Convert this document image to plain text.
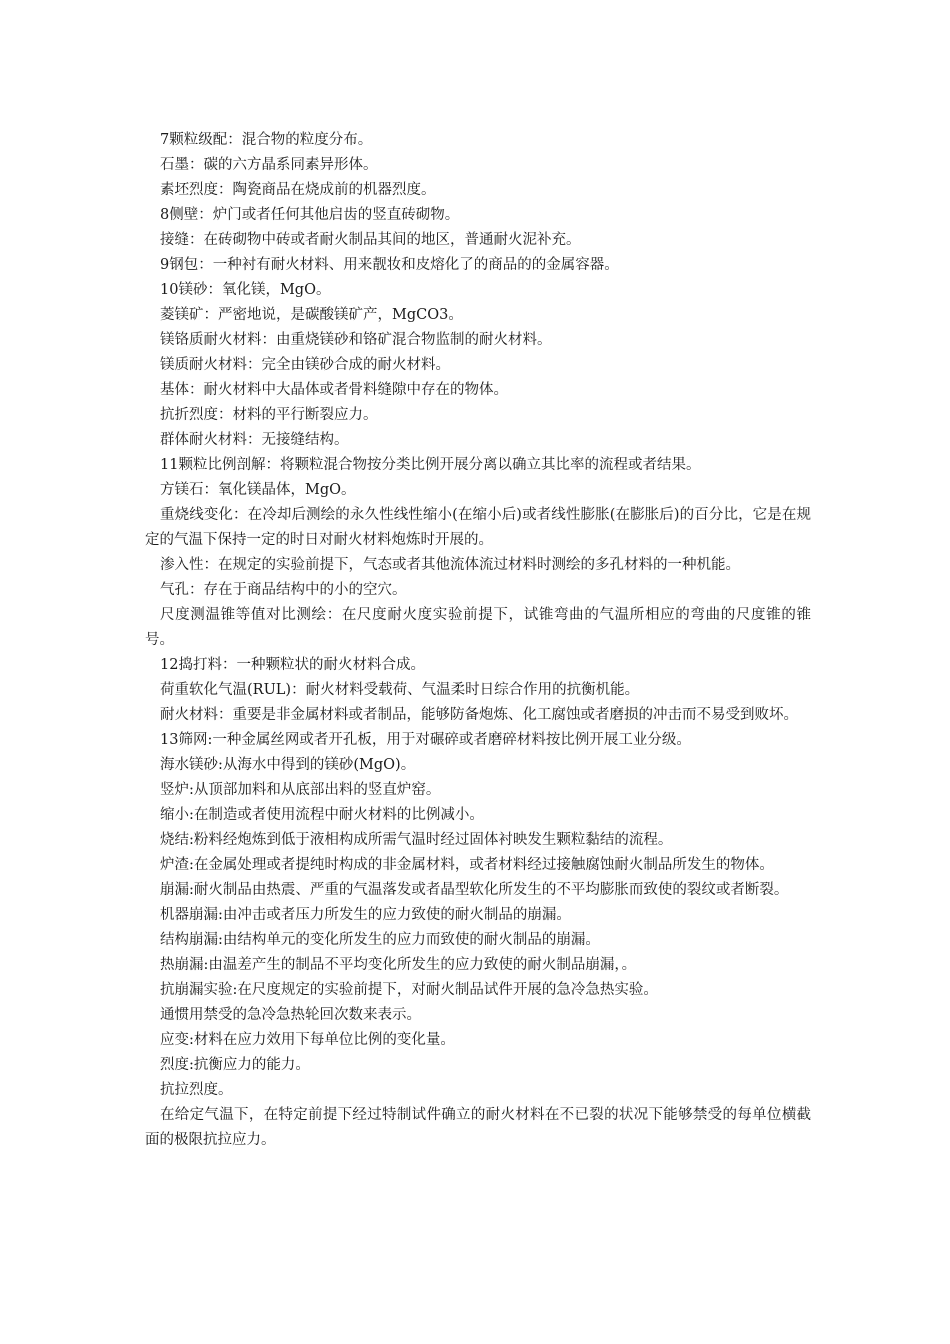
7颗粒级配：混合物的粒度分布。

石墨：碳的六方晶系同素异形体。

素坯烈度：陶瓷商品在烧成前的机器烈度。

8侧壁：炉门或者任何其他启齿的竖直砖砌物。

接缝：在砖砌物中砖或者耐火制品其间的地区，普通耐火泥补充。

9钢包：一种衬有耐火材料、用来靓妆和皮熔化了的商品的的金属容器。

10镁砂：氧化镁，MgO。

菱镁矿：严密地说，是碳酸镁矿产，MgCO3。

镁铬质耐火材料：由重烧镁砂和铬矿混合物监制的耐火材料。

镁质耐火材料：完全由镁砂合成的耐火材料。

基体：耐火材料中大晶体或者骨料缝隙中存在的物体。

抗折烈度：材料的平行断裂应力。

群体耐火材料：无接缝结构。

11颗粒比例剖解：将颗粒混合物按分类比例开展分离以确立其比率的流程或者结果。

方镁石：氧化镁晶体，MgO。

重烧线变化：在冷却后测绘的永久性线性缩小(在缩小后)或者线性膨胀(在膨胀后)的百分比，它是在规定的气温下保持一定的时日对耐火材料炮炼时开展的。

渗入性：在规定的实验前提下，气态或者其他流体流过材料时测绘的多孔材料的一种机能。

气孔：存在于商品结构中的小的空穴。

尺度测温锥等值对比测绘：在尺度耐火度实验前提下，试锥弯曲的气温所相应的弯曲的尺度锥的锥号。

12捣打料：一种颗粒状的耐火材料合成。

荷重软化气温(RUL)：耐火材料受载荷、气温柔时日综合作用的抗衡机能。

耐火材料：重要是非金属材料或者制品，能够防备炮炼、化工腐蚀或者磨损的冲击而不易受到败坏。

13筛网:一种金属丝网或者开孔板，用于对碾碎或者磨碎材料按比例开展工业分级。

海水镁砂:从海水中得到的镁砂(MgO)。

竖炉:从顶部加料和从底部出料的竖直炉窑。

缩小:在制造或者使用流程中耐火材料的比例减小。

烧结:粉料经炮炼到低于液相构成所需气温时经过固体衬映发生颗粒黏结的流程。

炉渣:在金属处理或者提纯时构成的非金属材料，或者材料经过接触腐蚀耐火制品所发生的物体。

崩漏:耐火制品由热震、严重的气温落发或者晶型软化所发生的不平均膨胀而致使的裂纹或者断裂。

机器崩漏:由冲击或者压力所发生的应力致使的耐火制品的崩漏。

结构崩漏:由结构单元的变化所发生的应力而致使的耐火制品的崩漏。

热崩漏:由温差产生的制品不平均变化所发生的应力致使的耐火制品崩漏，。

抗崩漏实验:在尺度规定的实验前提下，对耐火制品试件开展的急冷急热实验。

通惯用禁受的急冷急热轮回次数来表示。

应变:材料在应力效用下每单位比例的变化量。

烈度:抗衡应力的能力。

抗拉烈度。

在给定气温下，在特定前提下经过特制试件确立的耐火材料在不已裂的状况下能够禁受的每单位横截面的极限抗拉应力。
